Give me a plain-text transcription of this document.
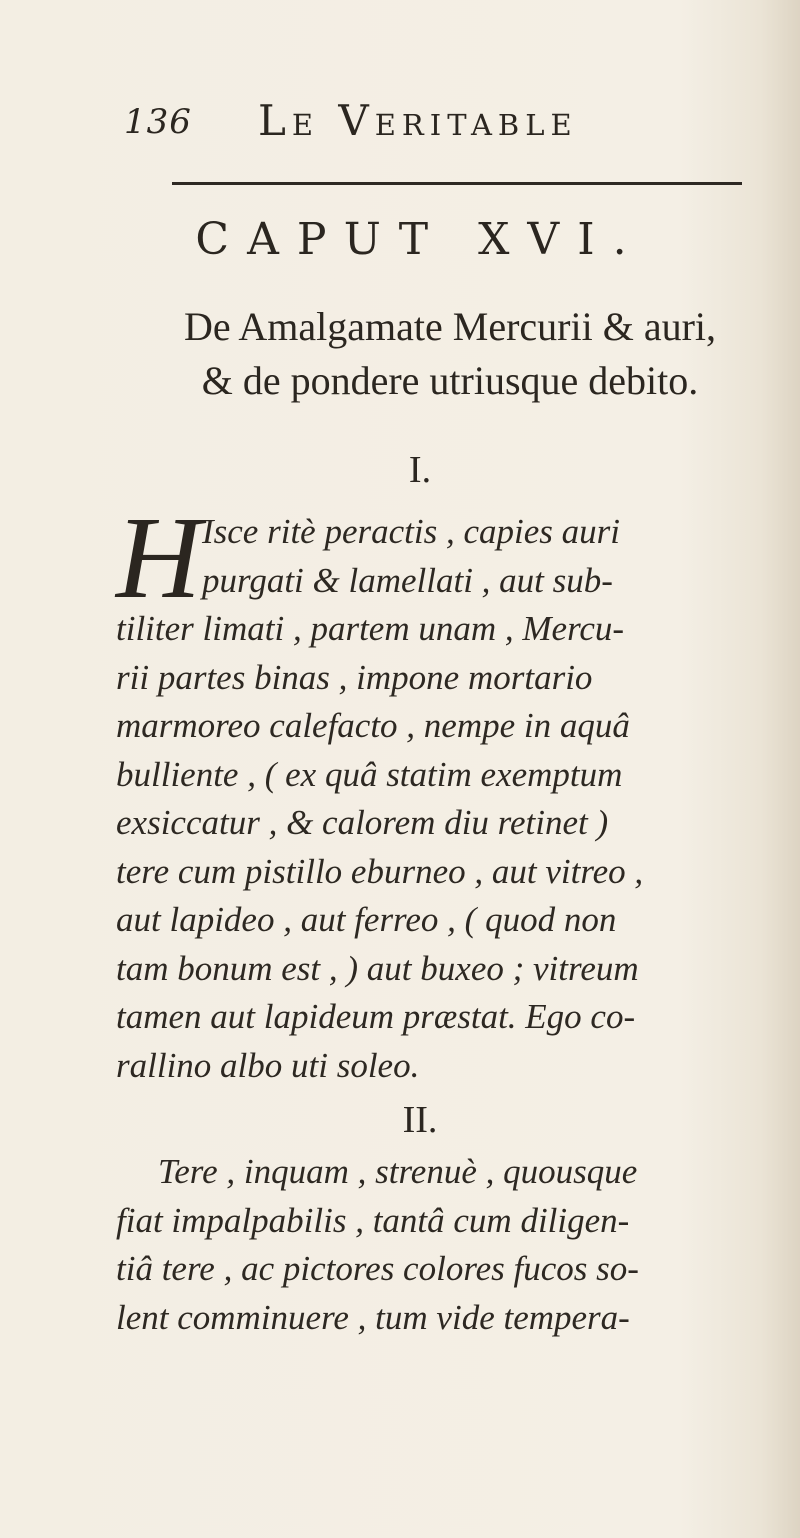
136 Le Veritable
CAPUT XVI.
De Amalgamate Mercurii & auri,
& de pondere utriusque debito.
I.
H Isce ritè peractis , capies auri
purgati & lamellati , aut sub-
tiliter limati , partem unam , Mercu-
rii partes binas , impone mortario
marmoreo calefacto , nempe in aquâ
bulliente , ( ex quâ statim exemptum
exsiccatur , & calorem diu retinet )
tere cum pistillo eburneo , aut vitreo ,
aut lapideo , aut ferreo , ( quod non
tam bonum est , ) aut buxeo ; vitreum
tamen aut lapideum præstat. Ego co-
rallino albo uti soleo.
II.
Tere , inquam , strenuè , quousque
fiat impalpabilis , tantâ cum diligen-
tiâ tere , ac pictores colores fucos so-
lent comminuere , tum vide tempera-
